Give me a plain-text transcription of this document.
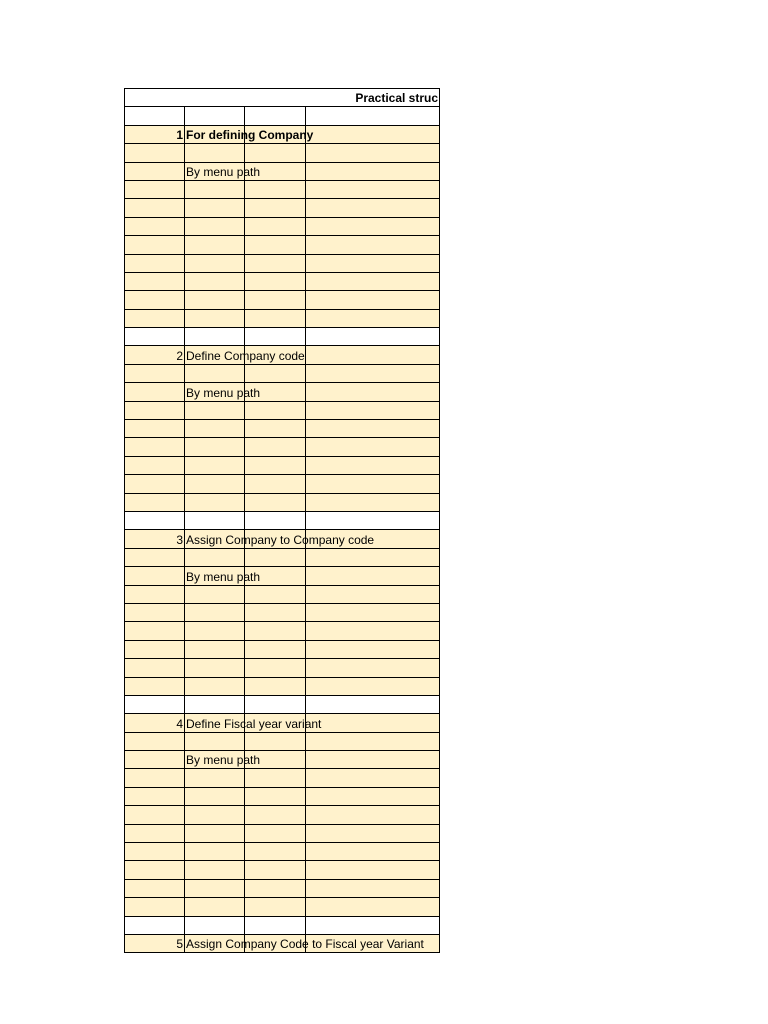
Practical struc			

1	For defining Company		

	By menu path		

2	Define Company code		

	By menu path		

3	Assign Company to Company code		

	By menu path		

4	Define Fiscal year variant		

	By menu path		

5	Assign Company Code to Fiscal year Variant		
